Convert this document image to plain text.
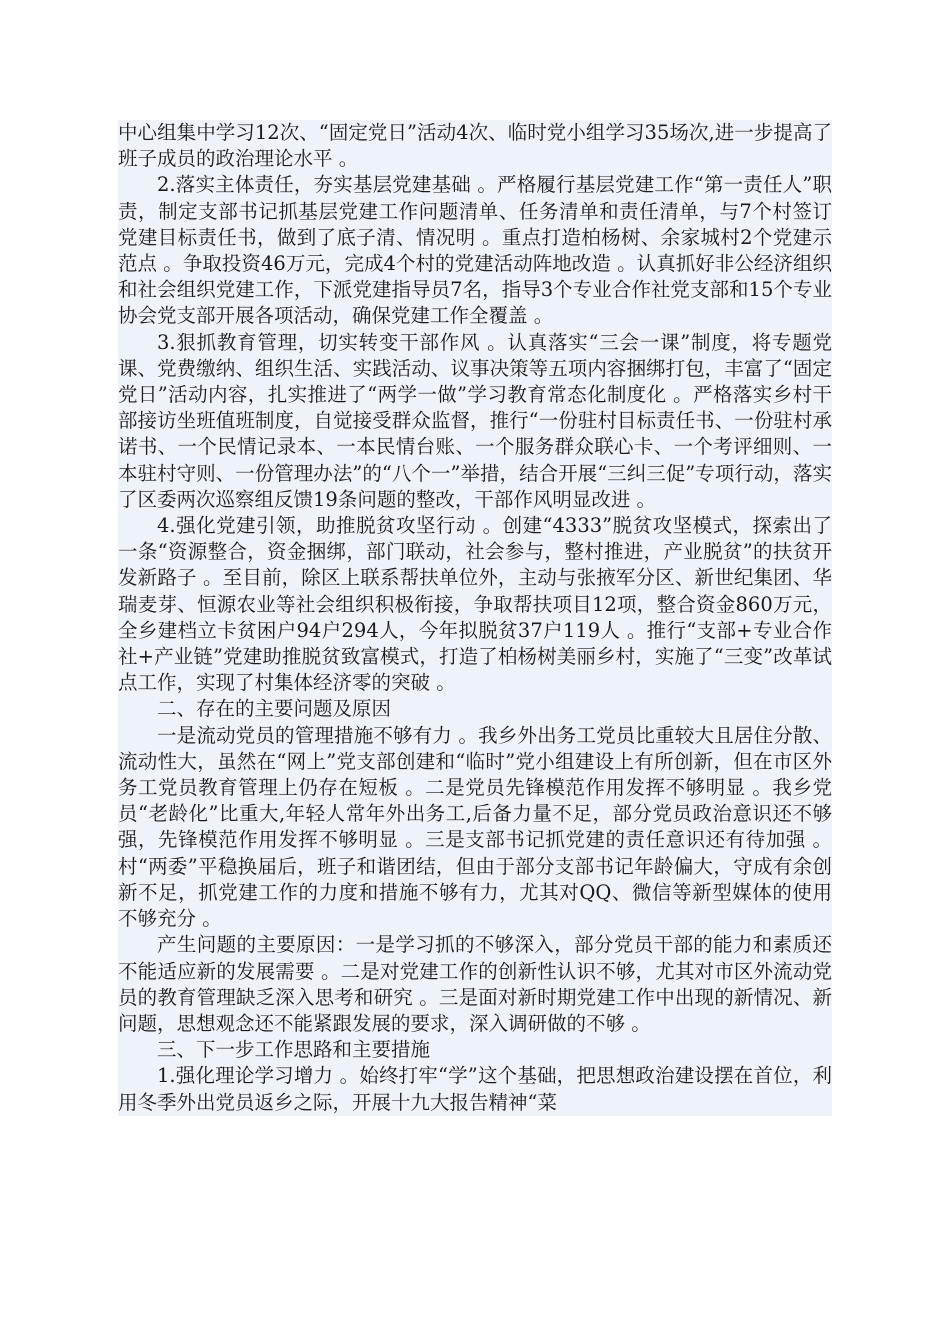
中心组集中学习12次、“固定党日”活动4次、临时党小组学习35场次,进一步提高了班子成员的政治理论水平 。

2.落实主体责任，夯实基层党建基础 。严格履行基层党建工作“第一责任人”职责，制定支部书记抓基层党建工作问题清单、任务清单和责任清单，与7个村签订党建目标责任书，做到了底子清、情况明 。重点打造柏杨树、余家城村2个党建示范点 。争取投资46万元，完成4个村的党建活动阵地改造 。认真抓好非公经济组织和社会组织党建工作，下派党建指导员7名，指导3个专业合作社党支部和15个专业协会党支部开展各项活动，确保党建工作全覆盖 。

3.狠抓教育管理，切实转变干部作风 。认真落实“三会一课”制度，将专题党课、党费缴纳、组织生活、实践活动、议事决策等五项内容捆绑打包，丰富了“固定党日”活动内容，扎实推进了“两学一做”学习教育常态化制度化 。严格落实乡村干部接访坐班值班制度，自觉接受群众监督，推行“一份驻村目标责任书、一份驻村承诺书、一个民情记录本、一本民情台账、一个服务群众联心卡、一个考评细则、一本驻村守则、一份管理办法”的“八个一”举措，结合开展“三纠三促”专项行动，落实了区委两次巡察组反馈19条问题的整改，干部作风明显改进 。

4.强化党建引领，助推脱贫攻坚行动 。创建“4333”脱贫攻坚模式，探索出了一条“资源整合，资金捆绑，部门联动，社会参与，整村推进，产业脱贫”的扶贫开发新路子 。至目前，除区上联系帮扶单位外，主动与张掖军分区、新世纪集团、华瑞麦芽、恒源农业等社会组织积极衔接，争取帮扶项目12项，整合资金860万元，全乡建档立卡贫困户94户294人，今年拟脱贫37户119人 。推行“支部+专业合作社+产业链”党建助推脱贫致富模式，打造了柏杨树美丽乡村，实施了“三变”改革试点工作，实现了村集体经济零的突破 。

二、存在的主要问题及原因

一是流动党员的管理措施不够有力 。我乡外出务工党员比重较大且居住分散、流动性大，虽然在“网上”党支部创建和“临时”党小组建设上有所创新，但在市区外务工党员教育管理上仍存在短板 。二是党员先锋模范作用发挥不够明显 。我乡党员“老龄化”比重大,年轻人常年外出务工,后备力量不足，部分党员政治意识还不够强，先锋模范作用发挥不够明显 。三是支部书记抓党建的责任意识还有待加强 。村“两委”平稳换届后，班子和谐团结，但由于部分支部书记年龄偏大，守成有余创新不足，抓党建工作的力度和措施不够有力，尤其对QQ、微信等新型媒体的使用不够充分 。

产生问题的主要原因：一是学习抓的不够深入，部分党员干部的能力和素质还不能适应新的发展需要 。二是对党建工作的创新性认识不够，尤其对市区外流动党员的教育管理缺乏深入思考和研究 。三是面对新时期党建工作中出现的新情况、新问题，思想观念还不能紧跟发展的要求，深入调研做的不够 。

三、下一步工作思路和主要措施

1.强化理论学习增力 。始终打牢“学”这个基础，把思想政治建设摆在首位，利用冬季外出党员返乡之际，开展十九大报告精神“菜
